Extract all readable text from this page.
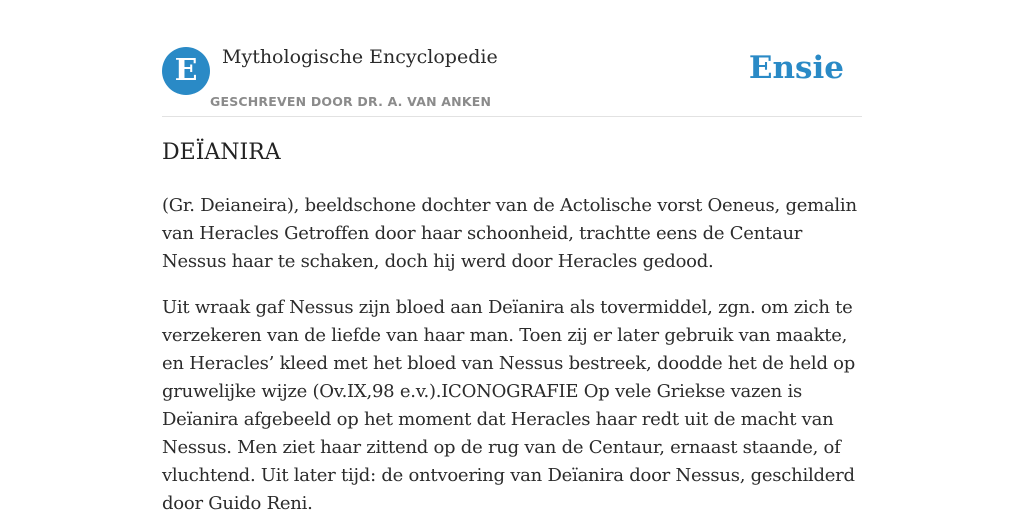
E	Mythologische Encyclopedie
GESCHREVEN DOOR DR. A. VAN ANKEN
Ensie
DEÏANIRA

(Gr. Deianeira), beeldschone dochter van de Actolische vorst Oeneus, gemalin van Heracles Getroffen door haar schoonheid, trachtte eens de Centaur Nessus haar te schaken, doch hij werd door Heracles gedood.

Uit wraak gaf Nessus zijn bloed aan Deïanira als tovermiddel, zgn. om zich te verzekeren van de liefde van haar man. Toen zij er later gebruik van maakte, en Heracles’ kleed met het bloed van Nessus bestreek, doodde het de held op gruwelijke wijze (Ov.IX,98 e.v.).ICONOGRAFIE Op vele Griekse vazen is Deïanira afgebeeld op het moment dat Heracles haar redt uit de macht van Nessus. Men ziet haar zittend op de rug van de Centaur, ernaast staande, of vluchtend. Uit later tijd: de ontvoering van Deïanira door Nessus, geschilderd door Guido Reni.
